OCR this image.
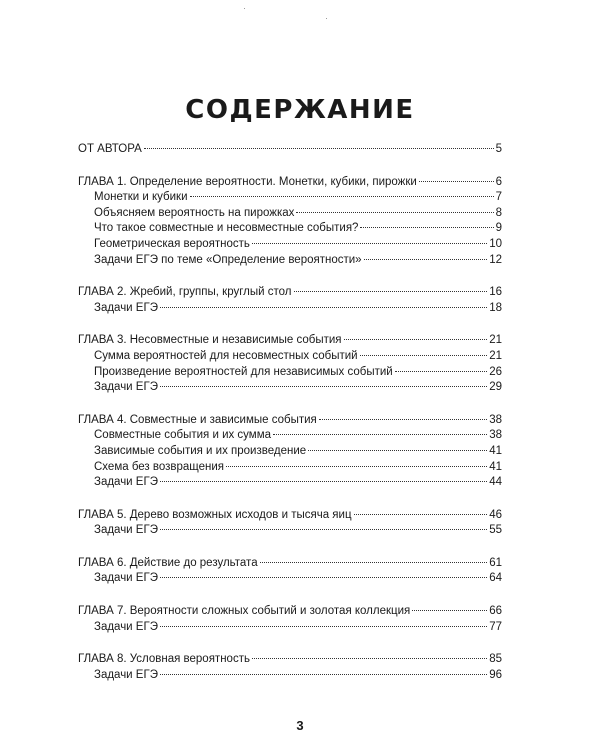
СОДЕРЖАНИЕ
ОТ АВТОРА	5
ГЛАВА 1. Определение вероятности. Монетки, кубики, пирожки	6
Монетки и кубики	7
Объясняем вероятность на пирожках	8
Что такое совместные и несовместные события?	9
Геометрическая вероятность	10
Задачи ЕГЭ по теме «Определение вероятности»	12
ГЛАВА 2. Жребий, группы, круглый стол	16
Задачи ЕГЭ	18
ГЛАВА 3. Несовместные и независимые события	21
Сумма вероятностей для несовместных событий	21
Произведение вероятностей для независимых событий	26
Задачи ЕГЭ	29
ГЛАВА 4. Совместные и зависимые события	38
Совместные события и их сумма	38
Зависимые события и их произведение	41
Схема без возвращения	41
Задачи ЕГЭ	44
ГЛАВА 5. Дерево возможных исходов и тысяча яиц	46
Задачи ЕГЭ	55
ГЛАВА 6. Действие до результата	61
Задачи ЕГЭ	64
ГЛАВА 7. Вероятности сложных событий и золотая коллекция	66
Задачи ЕГЭ	77
ГЛАВА 8. Условная вероятность	85
Задачи ЕГЭ	96
3
